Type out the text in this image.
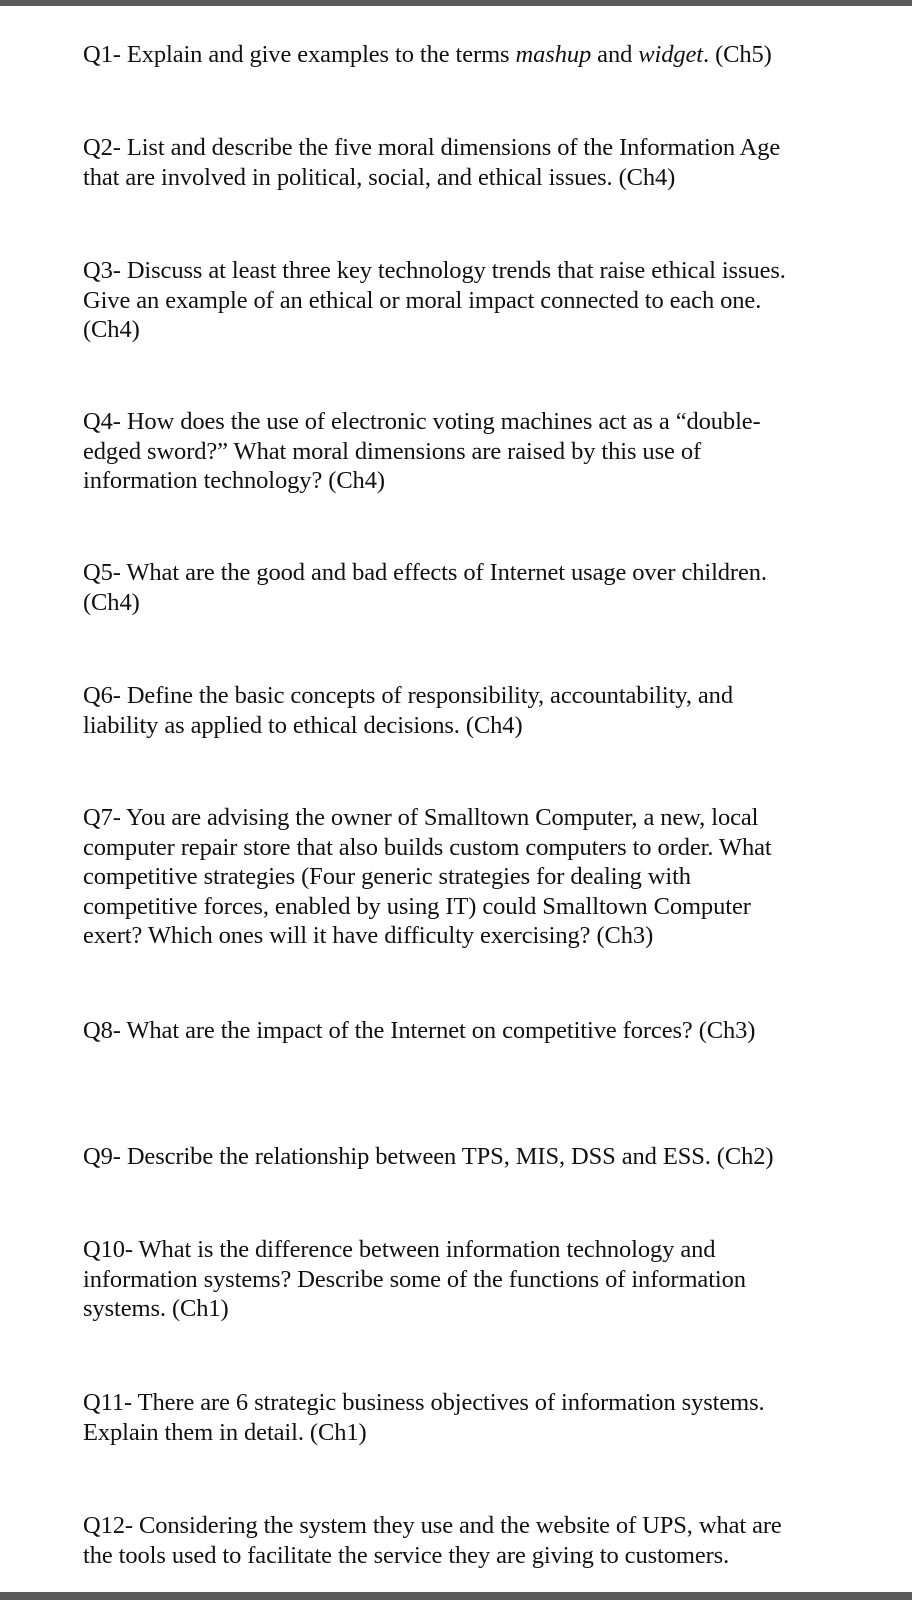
Q1- Explain and give examples to the terms mashup and widget. (Ch5)

Q2- List and describe the five moral dimensions of the Information Age
that are involved in political, social, and ethical issues. (Ch4)

Q3- Discuss at least three key technology trends that raise ethical issues.
Give an example of an ethical or moral impact connected to each one.
(Ch4)

Q4- How does the use of electronic voting machines act as a “double-
edged sword?” What moral dimensions are raised by this use of
information technology? (Ch4)

Q5- What are the good and bad effects of Internet usage over children.
(Ch4)

Q6- Define the basic concepts of responsibility, accountability, and
liability as applied to ethical decisions. (Ch4)

Q7- You are advising the owner of Smalltown Computer, a new, local
computer repair store that also builds custom computers to order. What
competitive strategies (Four generic strategies for dealing with
competitive forces, enabled by using IT) could Smalltown Computer
exert? Which ones will it have difficulty exercising? (Ch3)

Q8- What are the impact of the Internet on competitive forces? (Ch3)

Q9- Describe the relationship between TPS, MIS, DSS and ESS. (Ch2)

Q10- What is the difference between information technology and
information systems? Describe some of the functions of information
systems. (Ch1)

Q11- There are 6 strategic business objectives of information systems.
Explain them in detail. (Ch1)

Q12- Considering the system they use and the website of UPS, what are
the tools used to facilitate the service they are giving to customers.
